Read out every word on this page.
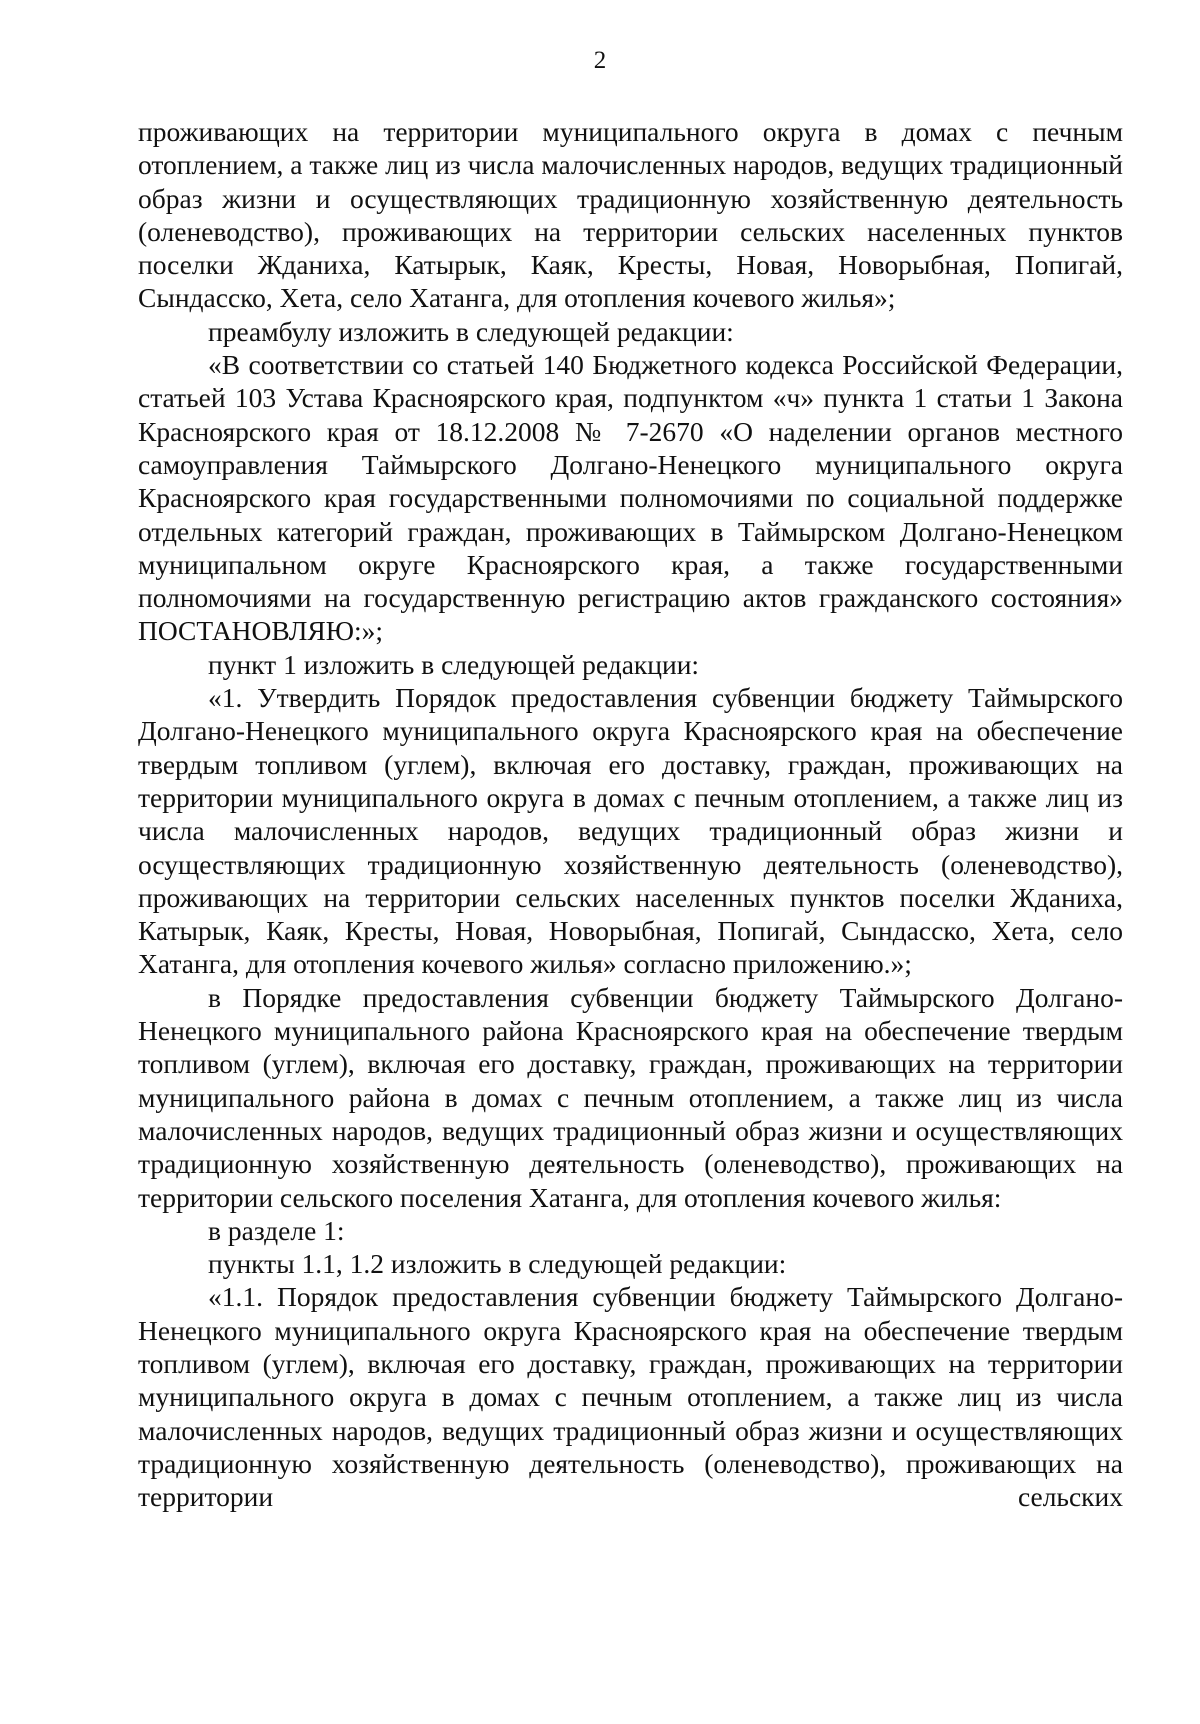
2

проживающих на территории муниципального округа в домах с печным отоплением, а также лиц из числа малочисленных народов, ведущих традиционный образ жизни и осуществляющих традиционную хозяйственную деятельность (оленеводство), проживающих на территории сельских населенных пунктов поселки Жданиха, Катырык, Каяк, Кресты, Новая, Новорыбная, Попигай, Сындасско, Хета, село Хатанга, для отопления кочевого жилья»;

преамбулу изложить в следующей редакции:

«В соответствии со статьей 140 Бюджетного кодекса Российской Федерации, статьей 103 Устава Красноярского края, подпунктом «ч» пункта 1 статьи 1 Закона Красноярского края от 18.12.2008 № 7-2670 «О наделении органов местного самоуправления Таймырского Долгано-Ненецкого муниципального округа Красноярского края государственными полномочиями по социальной поддержке отдельных категорий граждан, проживающих в Таймырском Долгано-Ненецком муниципальном округе Красноярского края, а также государственными полномочиями на государственную регистрацию актов гражданского состояния» ПОСТАНОВЛЯЮ:»;

пункт 1 изложить в следующей редакции:

«1. Утвердить Порядок предоставления субвенции бюджету Таймырского Долгано-Ненецкого муниципального округа Красноярского края на обеспечение твердым топливом (углем), включая его доставку, граждан, проживающих на территории муниципального округа в домах с печным отоплением, а также лиц из числа малочисленных народов, ведущих традиционный образ жизни и осуществляющих традиционную хозяйственную деятельность (оленеводство), проживающих на территории сельских населенных пунктов поселки Жданиха, Катырык, Каяк, Кресты, Новая, Новорыбная, Попигай, Сындасско, Хета, село Хатанга, для отопления кочевого жилья» согласно приложению.»;

в Порядке предоставления субвенции бюджету Таймырского Долгано-Ненецкого муниципального района Красноярского края на обеспечение твердым топливом (углем), включая его доставку, граждан, проживающих на территории муниципального района в домах с печным отоплением, а также лиц из числа малочисленных народов, ведущих традиционный образ жизни и осуществляющих традиционную хозяйственную деятельность (оленеводство), проживающих на территории сельского поселения Хатанга, для отопления кочевого жилья:

в разделе 1:

пункты 1.1, 1.2 изложить в следующей редакции:

«1.1. Порядок предоставления субвенции бюджету Таймырского Долгано-Ненецкого муниципального округа Красноярского края на обеспечение твердым топливом (углем), включая его доставку, граждан, проживающих на территории муниципального округа в домах с печным отоплением, а также лиц из числа малочисленных народов, ведущих традиционный образ жизни и осуществляющих традиционную хозяйственную деятельность (оленеводство), проживающих на территории сельских
